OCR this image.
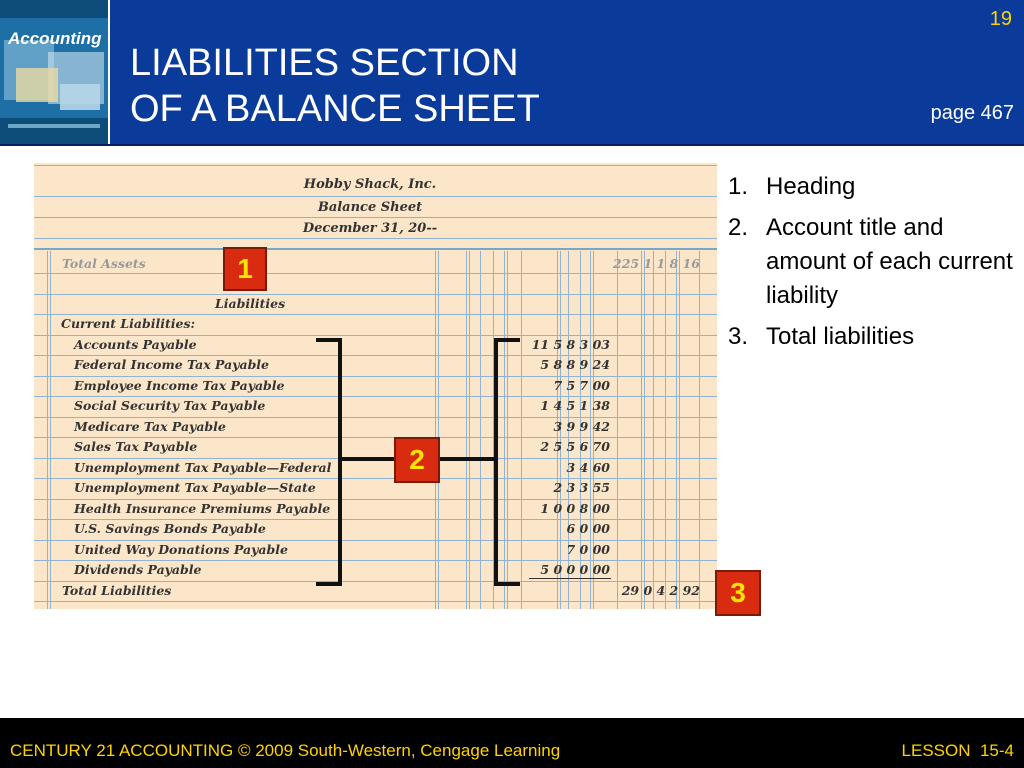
Accounting
LIABILITIES SECTION
OF A BALANCE SHEET
19
page 467
Hobby Shack, Inc.
Balance Sheet
December 31, 20--
Total Assets	225 1 1 8 16
Liabilities
Current Liabilities:
Accounts Payable	11 5 8 3 03
Federal Income Tax Payable	5 8 8 9 24
Employee Income Tax Payable	7 5 7 00
Social Security Tax Payable	1 4 5 1 38
Medicare Tax Payable	3 9 9 42
Sales Tax Payable	2 5 5 6 70
Unemployment Tax Payable—Federal	3 4 60
Unemployment Tax Payable—State	2 3 3 55
Health Insurance Premiums Payable	1 0 0 8 00
U.S. Savings Bonds Payable	6 0 00
United Way Donations Payable	7 0 00
Dividends Payable	5 0 0 0 00
Total Liabilities	29 0 4 2 92
1
2
3
1. Heading
2. Account title and amount of each current liability
3. Total liabilities
CENTURY 21 ACCOUNTING © 2009 South-Western, Cengage Learning	LESSON  15-4
